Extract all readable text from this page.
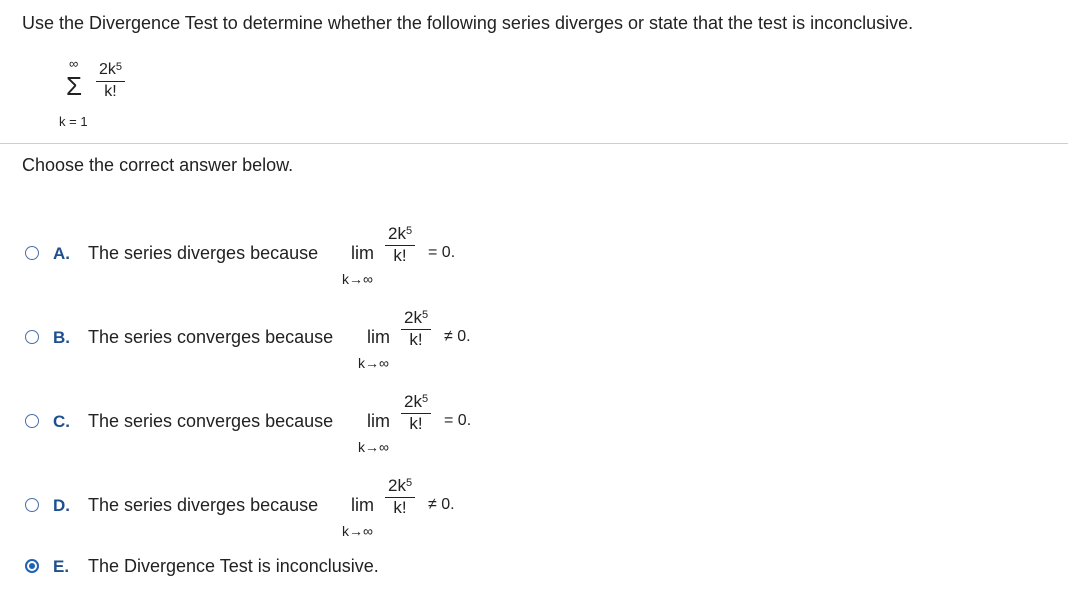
Use the Divergence Test to determine whether the following series diverges or state that the test is inconclusive.
∞
Σ
k = 1
$2k^5$
k!
Choose the correct answer below.
A. The series diverges because lim
k→∞
$2k^5$
k!	= 0.
B. The series converges because lim
k→∞
$2k^5$
k!	≠ 0.
C. The series converges because lim
k→∞
$2k^5$
k!	= 0.
D. The series diverges because lim
k→∞
$2k^5$
k!	≠ 0.
E. The Divergence Test is inconclusive.
